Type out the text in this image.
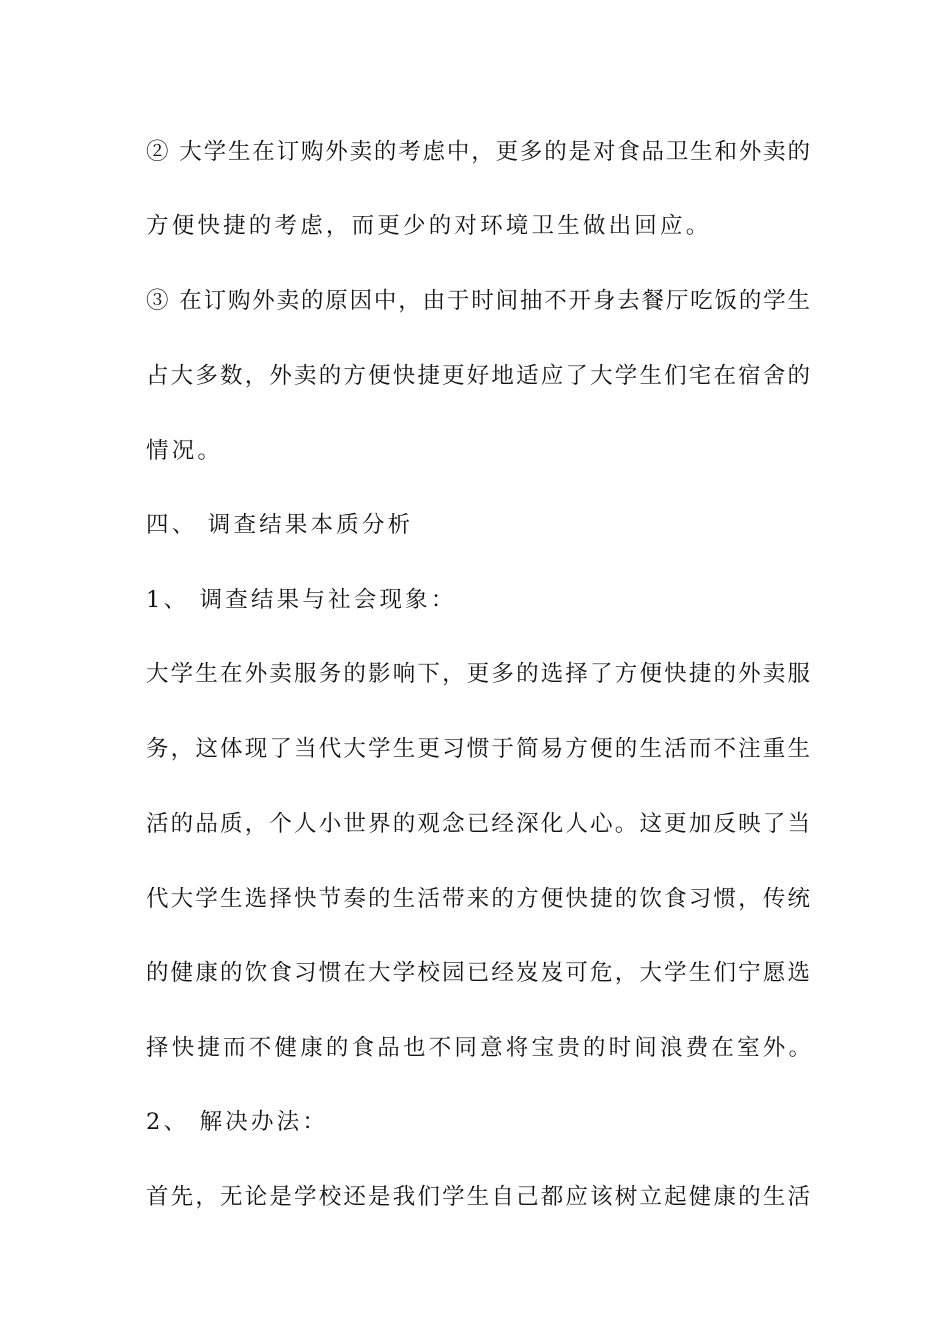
② 大学生在订购外卖的考虑中，更多的是对食品卫生和外卖的
方便快捷的考虑，而更少的对环境卫生做出回应。
③ 在订购外卖的原因中，由于时间抽不开身去餐厅吃饭的学生
占大多数，外卖的方便快捷更好地适应了大学生们宅在宿舍的
情况。
四、 调查结果本质分析
1、 调查结果与社会现象：
大学生在外卖服务的影响下，更多的选择了方便快捷的外卖服
务，这体现了当代大学生更习惯于简易方便的生活而不注重生
活的品质，个人小世界的观念已经深化人心。这更加反映了当
代大学生选择快节奏的生活带来的方便快捷的饮食习惯，传统
的健康的饮食习惯在大学校园已经岌岌可危，大学生们宁愿选
择快捷而不健康的食品也不同意将宝贵的时间浪费在室外。
2、 解决办法：
首先，无论是学校还是我们学生自己都应该树立起健康的生活
